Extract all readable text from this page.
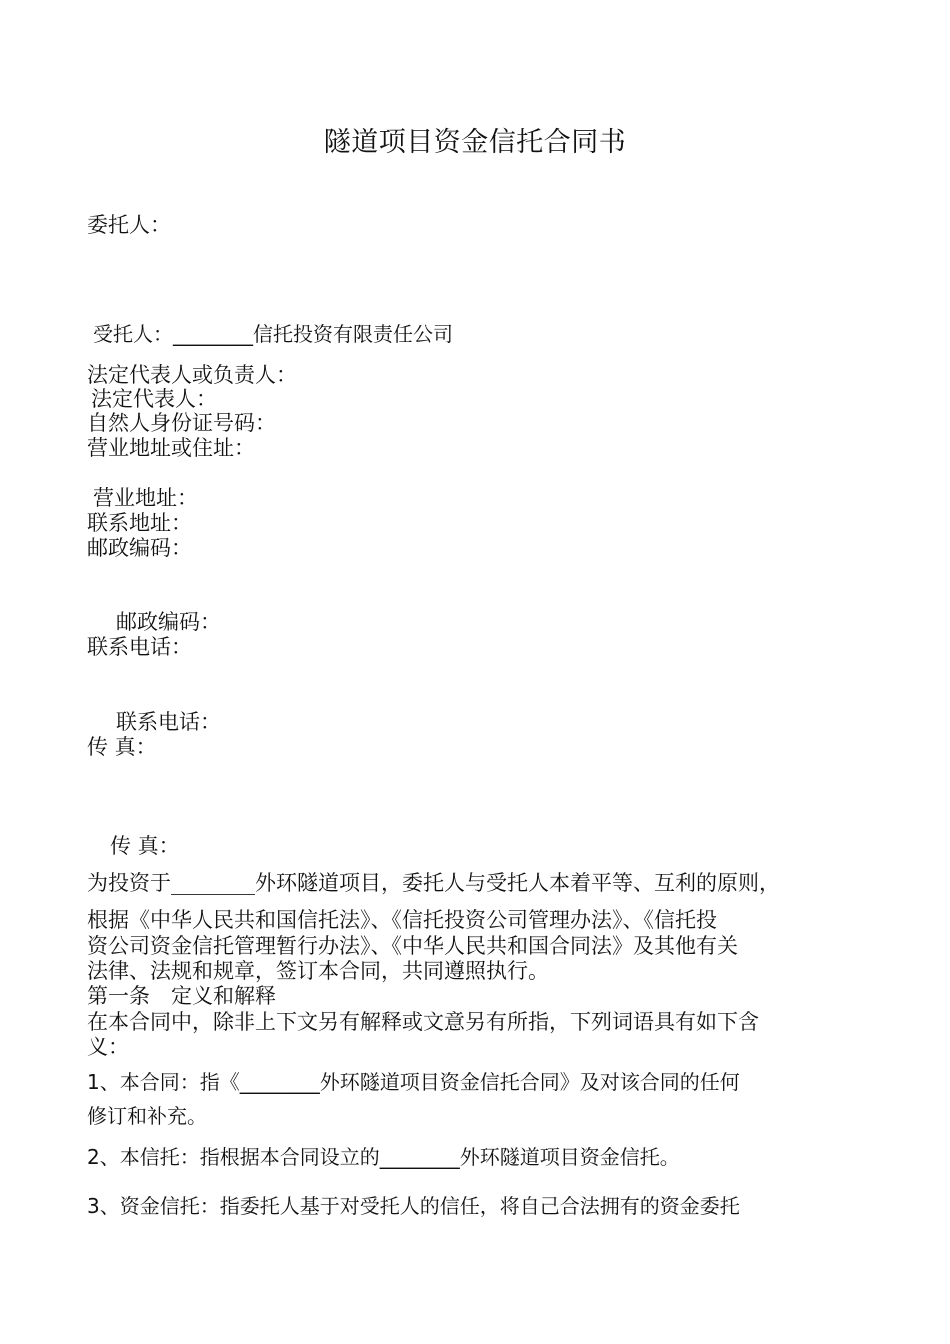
隧道项目资金信托合同书
委托人：
受托人：________信托投资有限责任公司
法定代表人或负责人：
法定代表人：
自然人身份证号码：
营业地址或住址：
营业地址：
联系地址：
邮政编码：
邮政编码：
联系电话：
联系电话：
传 真：
传 真：
为投资于________外环隧道项目，委托人与受托人本着平等、互利的原则，
根据《中华人民共和国信托法》、《信托投资公司管理办法》、《信托投
资公司资金信托管理暂行办法》、《中华人民共和国合同法》及其他有关
法律、法规和规章，签订本合同，共同遵照执行。
第一条　定义和解释
在本合同中，除非上下文另有解释或文意另有所指，下列词语具有如下含
义：
1、本合同：指《________外环隧道项目资金信托合同》及对该合同的任何
修订和补充。
2、本信托：指根据本合同设立的________外环隧道项目资金信托。
3、资金信托：指委托人基于对受托人的信任，将自己合法拥有的资金委托
